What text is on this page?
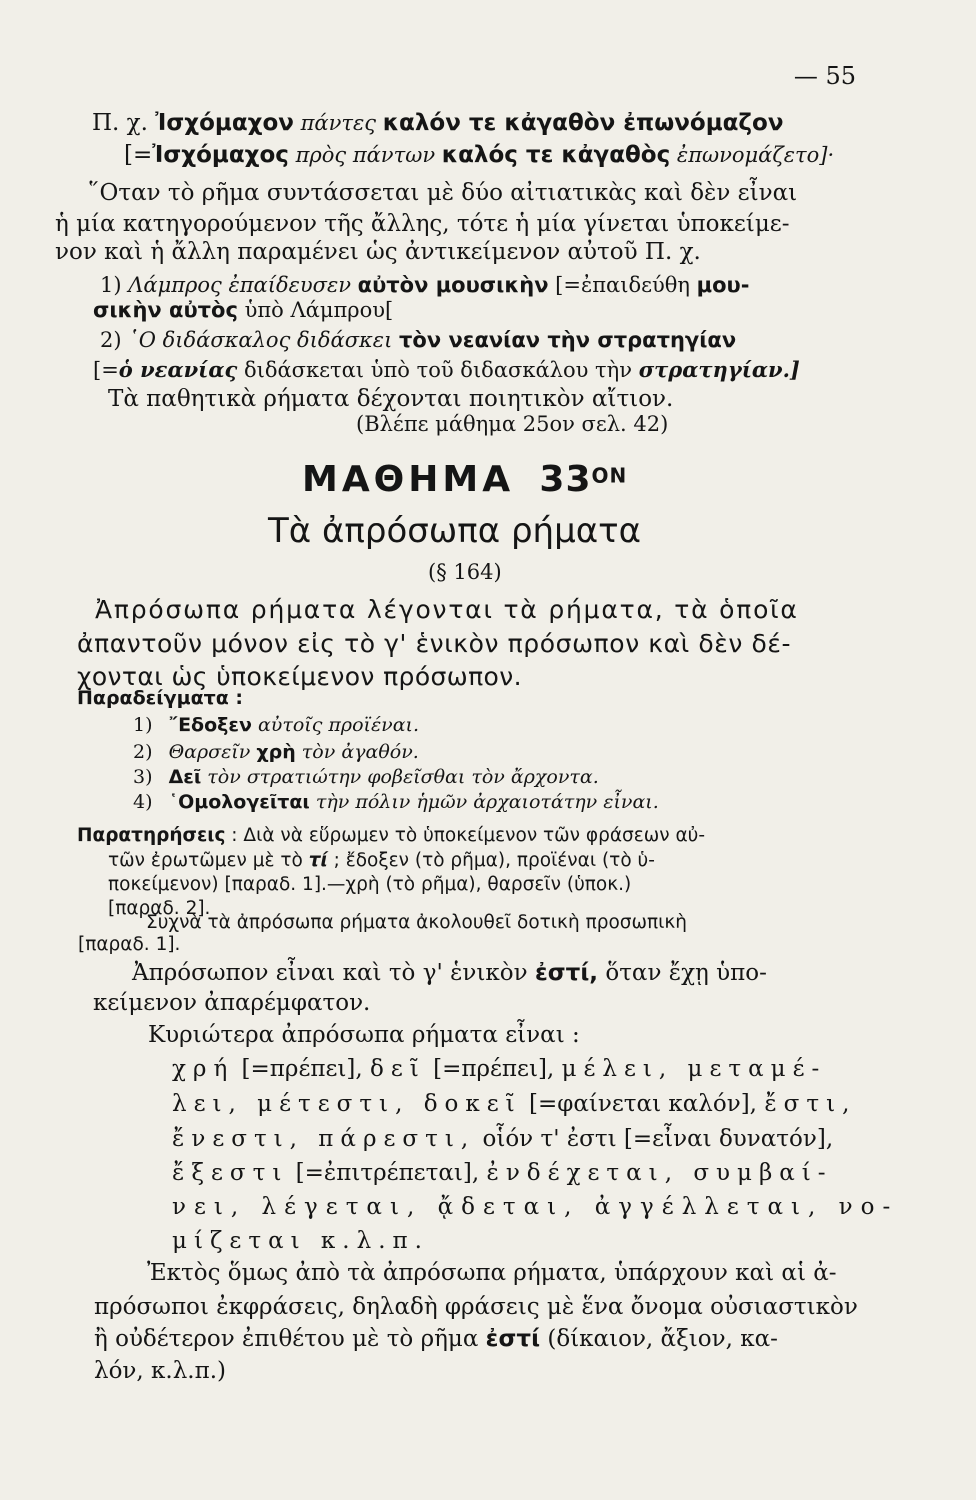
— 55
Π. χ. Ἰσχόμαχον πάντες καλόν τε κἀγαθὸν ἐπωνόμαζον
[=Ἰσχόμαχος πρὸς πάντων καλός τε κἀγαθὸς ἐπωνομάζετο]·
῞Οταν τὸ ρῆμα συντάσσεται μὲ δύο αἰτιατικὰς καὶ δὲν εἶναι
ἡ μία κατηγορούμενον τῆς ἄλλης, τότε ἡ μία γίνεται ὑποκείμε-
νον καὶ ἡ ἄλλη παραμένει ὡς ἀντικείμενον αὐτοῦ Π. χ.
1) Λάμπρος ἐπαίδευσεν αὐτὸν μουσικὴν [=ἐπαιδεύθη μου-
σικὴν αὐτὸς ὑπὸ Λάμπρου[
2) ῾Ο διδάσκαλος διδάσκει τὸν νεανίαν τὴν στρατηγίαν
[=ὁ νεανίας διδάσκεται ὑπὸ τοῦ διδασκάλου τὴν στρατηγίαν.]
Τὰ παθητικὰ ρήματα δέχονται ποιητικὸν αἴτιον.
(Βλέπε μάθημα 25ον σελ. 42)
ΜΑΘΗΜΑ 33ΟΝ
Τὰ ἀπρόσωπα ρήματα
(§ 164)
Ἀπρόσωπα ρήματα λέγονται τὰ ρήματα, τὰ ὁποῖα
ἀπαντοῦν μόνον εἰς τὸ γ' ἑνικὸν πρόσωπον καὶ δὲν δέ-
χονται ὡς ὑποκείμενον πρόσωπον.
Παραδείγματα :
1) ῎Εδοξεν αὐτοῖς προϊέναι.
2) Θαρσεῖν χρὴ τὸν ἀγαθόν.
3) Δεῖ τὸν στρατιώτην φοβεῖσθαι τὸν ἄρχοντα.
4) ῾Ομολογεῖται τὴν πόλιν ἡμῶν ἀρχαιοτάτην εἶναι.
Παρατηρήσεις : Διὰ νὰ εὕρωμεν τὸ ὑποκείμενον τῶν φράσεων αὐ-
τῶν ἐρωτῶμεν μὲ τὸ τί ; ἔδοξεν (τὸ ρῆμα), προϊέναι (τὸ ὑ-
ποκείμενον) [παραδ. 1].—χρὴ (τὸ ρῆμα), θαρσεῖν (ὑποκ.)
[παραδ. 2].
Συχνὰ τὰ ἀπρόσωπα ρήματα ἀκολουθεῖ δοτικὴ προσωπικὴ
[παραδ. 1].
Ἀπρόσωπον εἶναι καὶ τὸ γ' ἑνικὸν ἐστί, ὅταν ἔχῃ ὑπο-
κείμενον ἀπαρέμφατον.
Κυριώτερα ἀπρόσωπα ρήματα εἶναι :
χρή [=πρέπει], δεῖ [=πρέπει], μέλει, μεταμέ-
λει, μέτεστι, δοκεῖ [=φαίνεται καλόν], ἔστι,
ἔνεστι, πάρεστι, οἷόν τ' ἐστι [=εἶναι δυνατόν],
ἔξεστι [=ἐπιτρέπεται], ἐνδέχεται, συμβαί-
νει, λέγεται, ᾄδεται, ἀγγέλλεται, νο-
μίζεται κ.λ.π.
Ἐκτὸς ὅμως ἀπὸ τὰ ἀπρόσωπα ρήματα, ὑπάρχουν καὶ αἱ ἀ-
πρόσωποι ἐκφράσεις, δηλαδὴ φράσεις μὲ ἕνα ὄνομα οὐσιαστικὸν
ἢ οὐδέτερον ἐπιθέτου μὲ τὸ ρῆμα ἐστί (δίκαιον, ἄξιον, κα-
λόν, κ.λ.π.)
